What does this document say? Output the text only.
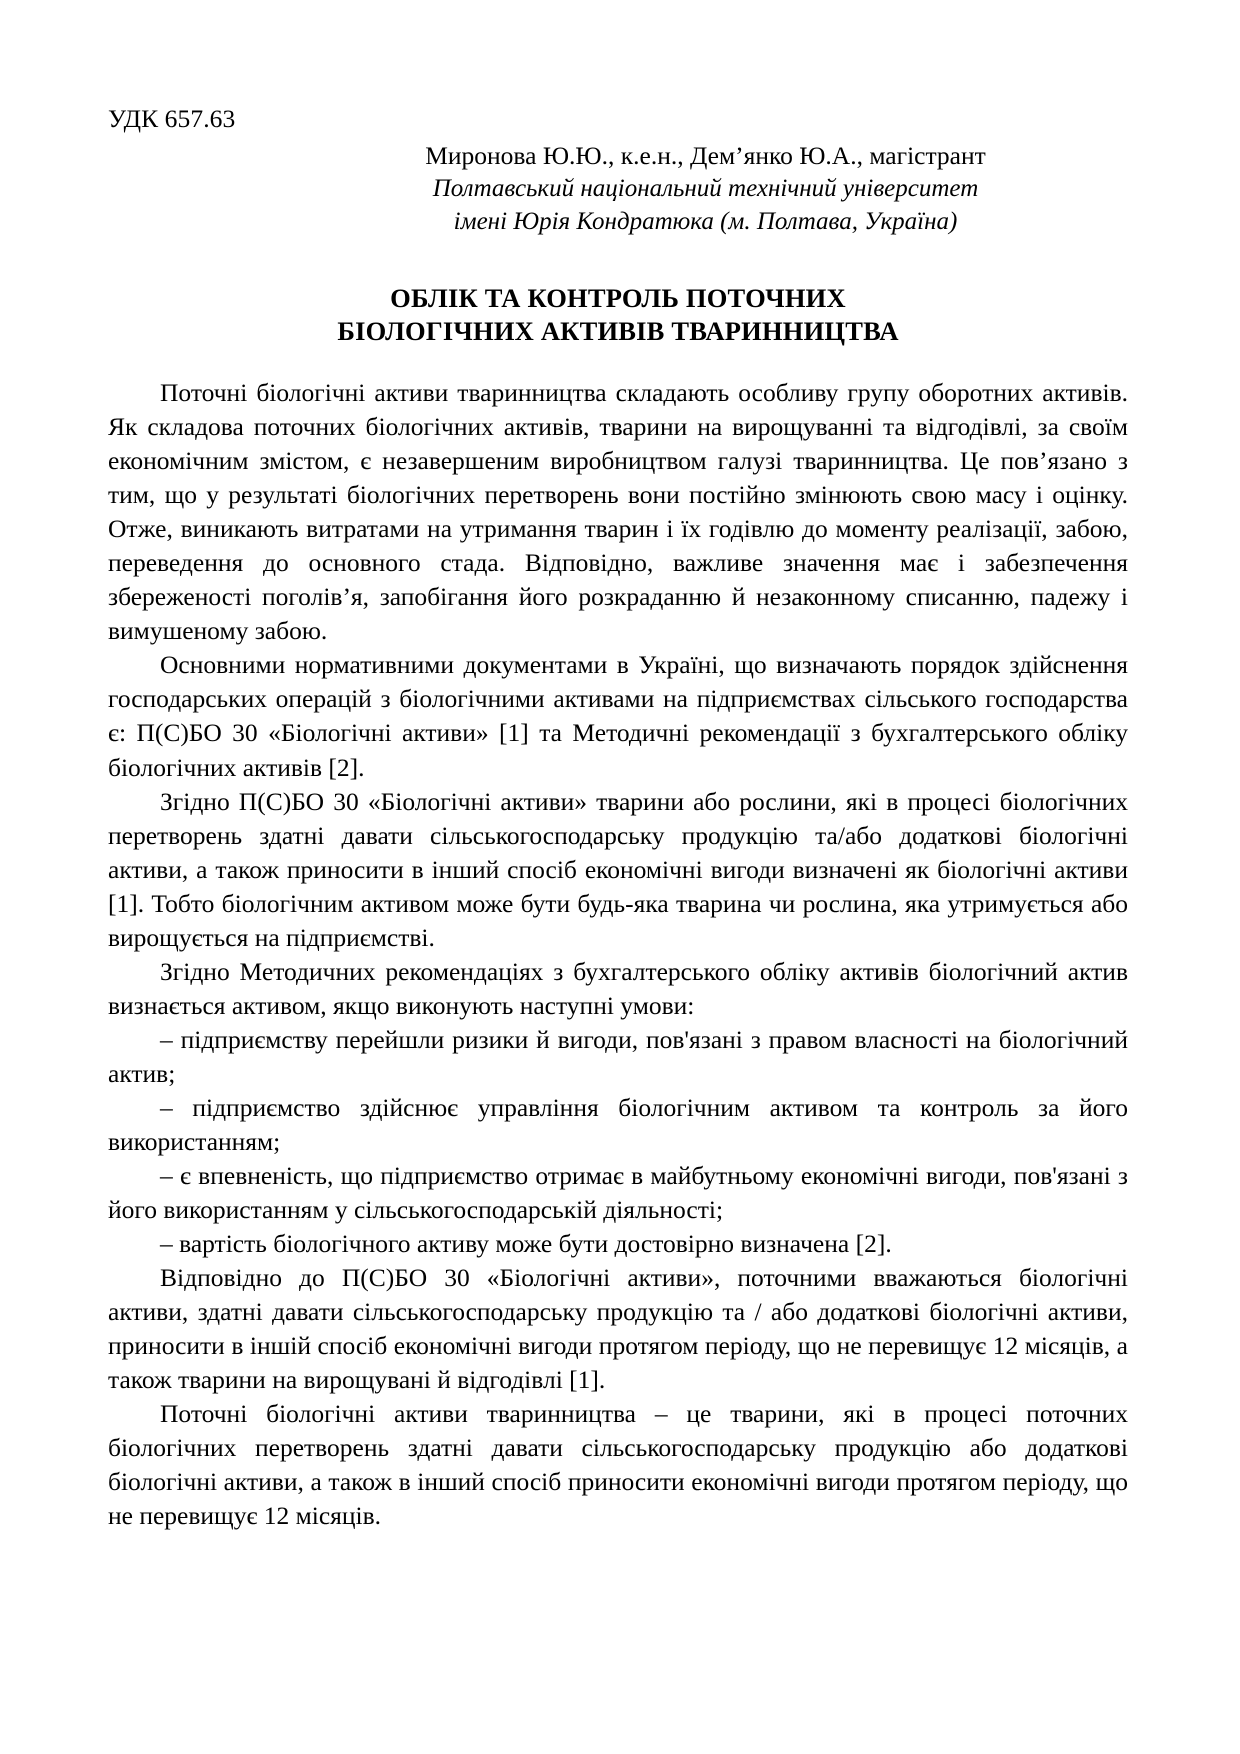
УДК 657.63
Миронова Ю.Ю., к.е.н., Дем’янко Ю.А., магістрант
Полтавський національний технічний університет
імені Юрія Кондратюка (м. Полтава, Україна)
ОБЛІК ТА КОНТРОЛЬ ПОТОЧНИХ
БІОЛОГІЧНИХ АКТИВІВ ТВАРИННИЦТВА

Поточні біологічні активи тваринництва складають особливу групу оборотних активів. Як складова поточних біологічних активів, тварини на вирощуванні та відгодівлі, за своїм економічним змістом, є незавершеним виробництвом галузі тваринництва. Це пов’язано з тим, що у результаті біологічних перетворень вони постійно змінюють свою масу і оцінку. Отже, виникають витратами на утримання тварин і їх годівлю до моменту реалізації, забою, переведення до основного стада. Відповідно, важливе значення має і забезпечення збереженості поголів’я, запобігання його розкраданню й незаконному списанню, падежу і вимушеному забою.

Основними нормативними документами в Україні, що визначають порядок здійснення господарських операцій з біологічними активами на підприємствах сільського господарства є: П(С)БО 30 «Біологічні активи» [1] та Методичні рекомендації з бухгалтерського обліку біологічних активів [2].

Згідно П(С)БО 30 «Біологічні активи» тварини або рослини, які в процесі біологічних перетворень здатні давати сільськогосподарську продукцію та/або додаткові біологічні активи, а також приносити в інший спосіб економічні вигоди визначені як біологічні активи [1]. Тобто біологічним активом може бути будь-яка тварина чи рослина, яка утримується або вирощується на підприємстві.

Згідно Методичних рекомендаціях з бухгалтерського обліку активів біологічний актив визнається активом, якщо виконують наступні умови:

– підприємству перейшли ризики й вигоди, пов'язані з правом власності на біологічний актив;

– підприємство здійснює управління біологічним активом та контроль за його використанням;

– є впевненість, що підприємство отримає в майбутньому економічні вигоди, пов'язані з його використанням у сільськогосподарській діяльності;

– вартість біологічного активу може бути достовірно визначена [2].

Відповідно до П(С)БО 30 «Біологічні активи», поточними вважаються біологічні активи, здатні давати сільськогосподарську продукцію та / або додаткові біологічні активи, приносити в іншій спосіб економічні вигоди протягом періоду, що не перевищує 12 місяців, а також тварини на вирощувані й відгодівлі [1].

Поточні біологічні активи тваринництва – це тварини, які в процесі поточних біологічних перетворень здатні давати сільськогосподарську продукцію або додаткові біологічні активи, а також в інший спосіб приносити економічні вигоди протягом періоду, що не перевищує 12 місяців.
